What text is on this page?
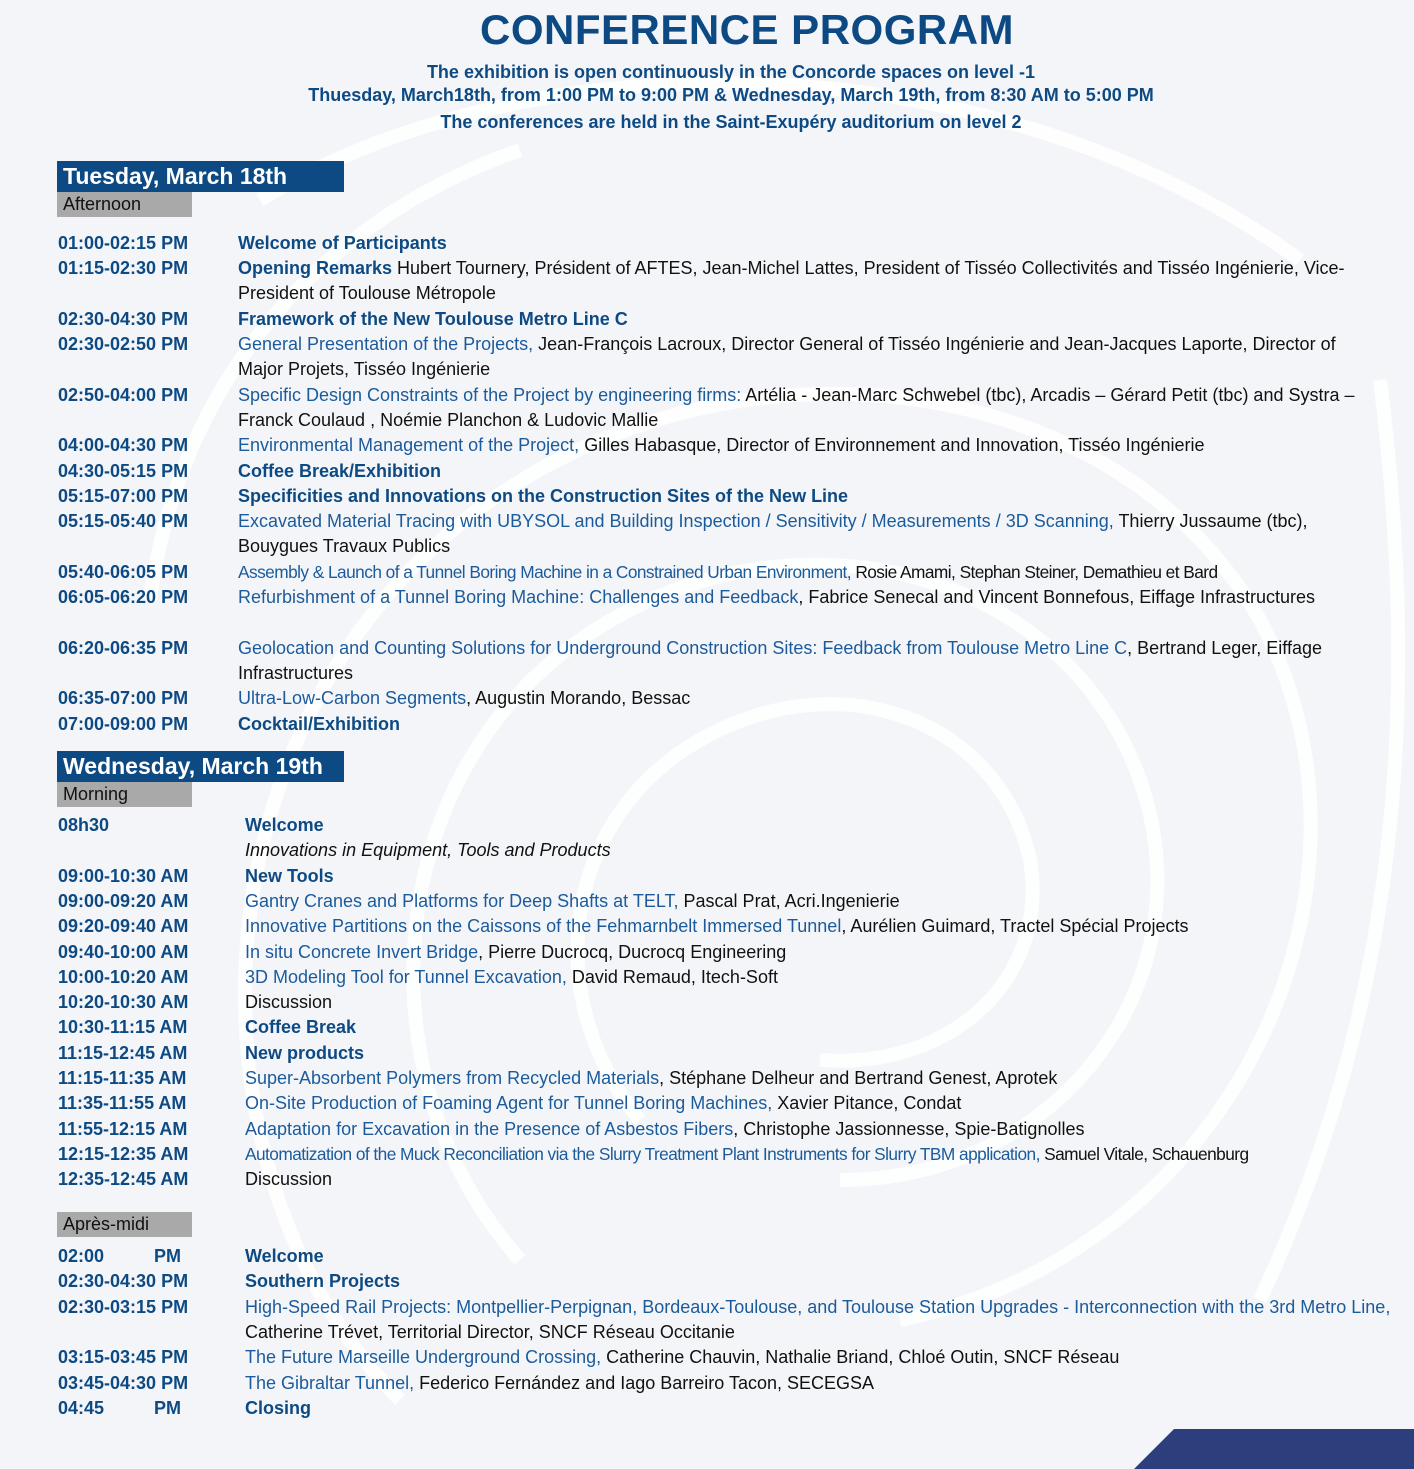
CONFERENCE PROGRAM
The exhibition is open continuously in the Concorde spaces on level -1
Thuesday, March18th, from 1:00 PM to 9:00 PM & Wednesday, March 19th, from 8:30 AM to 5:00 PM
The conferences are held in the Saint-Exupéry auditorium on level 2
Tuesday, March 18th
Afternoon
01:00-02:15 PM	Welcome of Participants
01:15-02:30 PM	Opening Remarks Hubert Tournery, Président of AFTES, Jean-Michel Lattes, President of Tisséo Collectivités and Tisséo Ingénierie, Vice-President of Toulouse Métropole
02:30-04:30 PM	Framework of the New Toulouse Metro Line C
02:30-02:50 PM	General Presentation of the Projects, Jean-François Lacroux, Director General of Tisséo Ingénierie and Jean-Jacques Laporte, Director of Major Projets, Tisséo Ingénierie
02:50-04:00 PM	Specific Design Constraints of the Project by engineering firms: Artélia - Jean-Marc Schwebel (tbc), Arcadis – Gérard Petit (tbc) and Systra – Franck Coulaud , Noémie Planchon & Ludovic Mallie
04:00-04:30 PM	Environmental Management of the Project, Gilles Habasque, Director of Environnement and Innovation, Tisséo Ingénierie
04:30-05:15 PM	Coffee Break/Exhibition
05:15-07:00 PM	Specificities and Innovations on the Construction Sites of the New Line
05:15-05:40 PM	Excavated Material Tracing with UBYSOL and Building Inspection / Sensitivity / Measurements / 3D Scanning, Thierry Jussaume (tbc), Bouygues Travaux Publics
05:40-06:05 PM	Assembly & Launch of a Tunnel Boring Machine in a Constrained Urban Environment, Rosie Amami, Stephan Steiner, Demathieu et Bard
06:05-06:20 PM	Refurbishment of a Tunnel Boring Machine: Challenges and Feedback, Fabrice Senecal and Vincent Bonnefous, Eiffage Infrastructures
06:20-06:35 PM	Geolocation and Counting Solutions for Underground Construction Sites: Feedback from Toulouse Metro Line C, Bertrand Leger, Eiffage Infrastructures
06:35-07:00 PM	Ultra-Low-Carbon Segments, Augustin Morando, Bessac
07:00-09:00 PM	Cocktail/Exhibition
Wednesday, March 19th
Morning
08h30	Welcome
Innovations in Equipment, Tools and Products
09:00-10:30 AM	New Tools
09:00-09:20 AM	Gantry Cranes and Platforms for Deep Shafts at TELT, Pascal Prat, Acri.Ingenierie
09:20-09:40 AM	Innovative Partitions on the Caissons of the Fehmarnbelt Immersed Tunnel, Aurélien Guimard, Tractel Spécial Projects
09:40-10:00 AM	In situ Concrete Invert Bridge, Pierre Ducrocq, Ducrocq Engineering
10:00-10:20 AM	3D Modeling Tool for Tunnel Excavation, David Remaud, Itech-Soft
10:20-10:30 AM	Discussion
10:30-11:15 AM	Coffee Break
11:15-12:45 AM	New products
11:15-11:35 AM	Super-Absorbent Polymers from Recycled Materials, Stéphane Delheur and Bertrand Genest, Aprotek
11:35-11:55 AM	On-Site Production of Foaming Agent for Tunnel Boring Machines, Xavier Pitance, Condat
11:55-12:15 AM	Adaptation for Excavation in the Presence of Asbestos Fibers, Christophe Jassionnesse, Spie-Batignolles
12:15-12:35 AM	Automatization of the Muck Reconciliation via the Slurry Treatment Plant Instruments for Slurry TBM application, Samuel Vitale, Schauenburg
12:35-12:45 AM	Discussion
Après-midi
02:00          PM	Welcome
02:30-04:30 PM	Southern Projects
02:30-03:15 PM	High-Speed Rail Projects: Montpellier-Perpignan, Bordeaux-Toulouse, and Toulouse Station Upgrades - Interconnection with the 3rd Metro Line, Catherine Trévet, Territorial Director, SNCF Réseau Occitanie
03:15-03:45 PM	The Future Marseille Underground Crossing, Catherine Chauvin, Nathalie Briand, Chloé Outin, SNCF Réseau
03:45-04:30 PM	The Gibraltar Tunnel, Federico Fernández and Iago Barreiro Tacon, SECEGSA
04:45          PM	Closing
